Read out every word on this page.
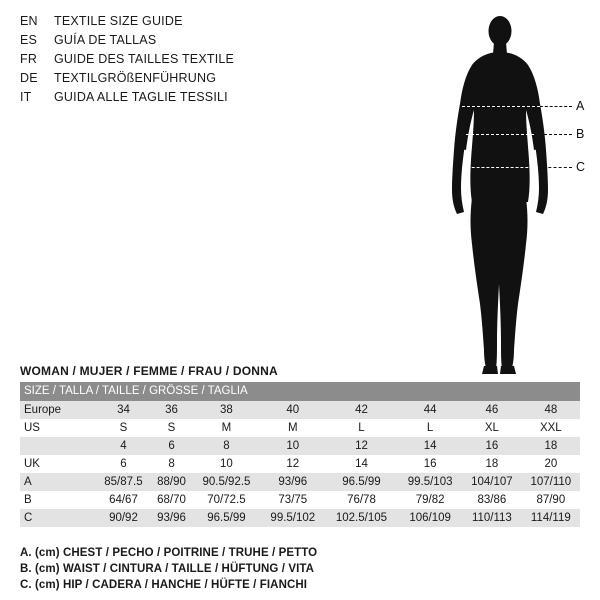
EN	TEXTILE SIZE GUIDE
ES	GUÍA DE TALLAS
FR	GUIDE DES TAILLES TEXTILE
DE	TEXTILGRÖßENFÜHRUNG
IT	GUIDA ALLE TAGLIE TESSILI
A
B
C
WOMAN / MUJER / FEMME / FRAU / DONNA
SIZE / TALLA / TAILLE / GRÖSSE / TAGLIA								
Europe	34	36	38	40	42	44	46	48
US	S	S	M	M	L	L	XL	XXL
	4	6	8	10	12	14	16	18
UK	6	8	10	12	14	16	18	20
A	85/87.5	88/90	90.5/92.5	93/96	96.5/99	99.5/103	104/107	107/110
B	64/67	68/70	70/72.5	73/75	76/78	79/82	83/86	87/90
C	90/92	93/96	96.5/99	99.5/102	102.5/105	106/109	110/113	114/119
A. (cm) CHEST / PECHO / POITRINE / TRUHE / PETTO
B. (cm) WAIST / CINTURA / TAILLE / HÜFTUNG / VITA
C. (cm) HIP / CADERA / HANCHE / HÜFTE / FIANCHI
